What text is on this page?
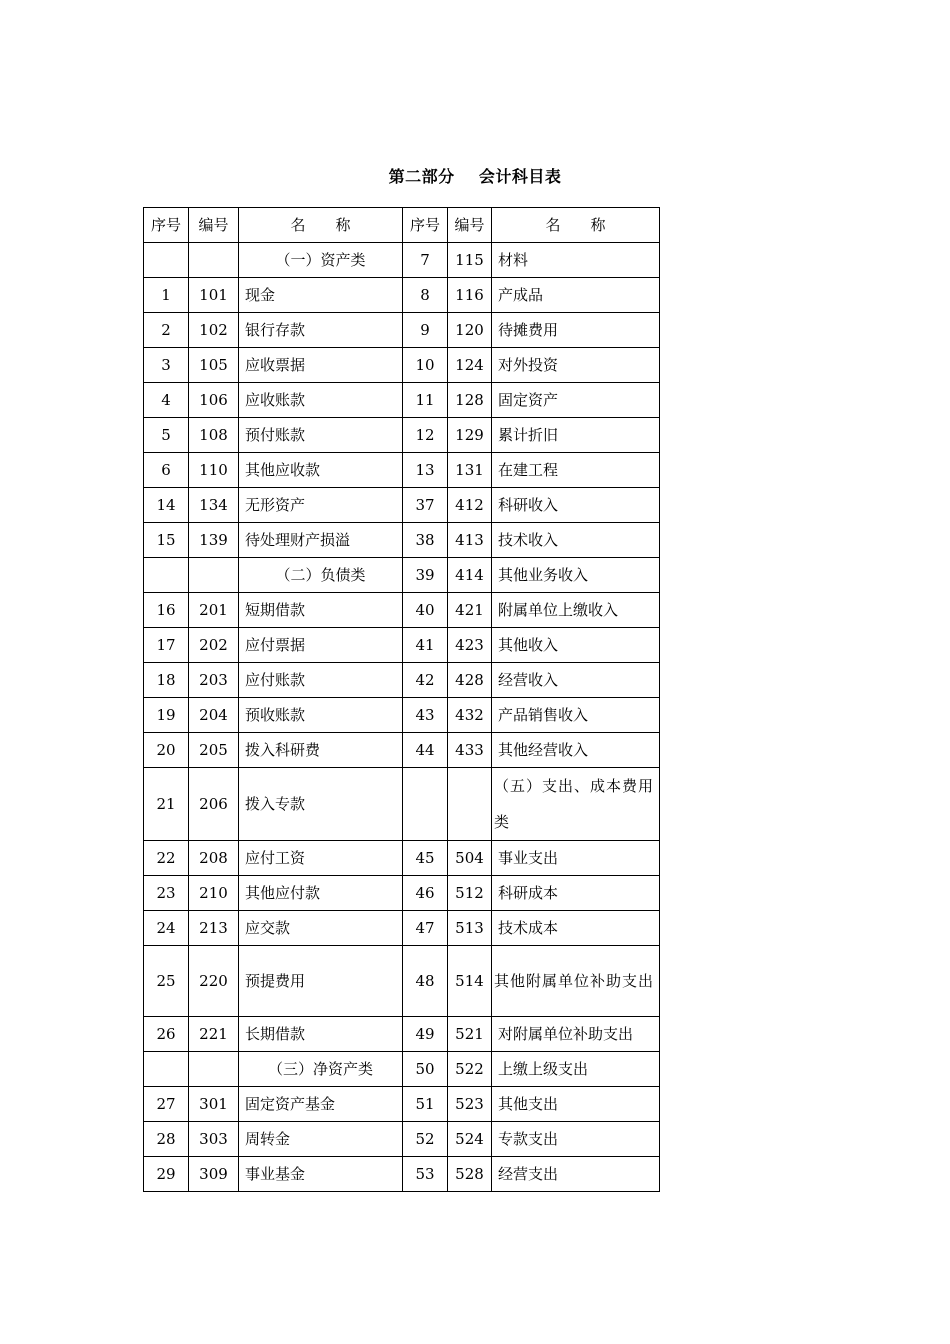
第二部分    会计科目表
序号	编号	名　　称	序号	编号	名　　称
		（一）资产类	7	115	材料
1	101	现金	8	116	产成品
2	102	银行存款	9	120	待摊费用
3	105	应收票据	10	124	对外投资
4	106	应收账款	11	128	固定资产
5	108	预付账款	12	129	累计折旧
6	110	其他应收款	13	131	在建工程
14	134	无形资产	37	412	科研收入
15	139	待处理财产损溢	38	413	技术收入
		（二）负债类	39	414	其他业务收入
16	201	短期借款	40	421	附属单位上缴收入
17	202	应付票据	41	423	其他收入
18	203	应付账款	42	428	经营收入
19	204	预收账款	43	432	产品销售收入
20	205	拨入科研费	44	433	其他经营收入
21	206	拨入专款			（五）支出、成本费用类
22	208	应付工资	45	504	事业支出
23	210	其他应付款	46	512	科研成本
24	213	应交款	47	513	技术成本
25	220	预提费用	48	514	其他附属单位补助支出
26	221	长期借款	49	521	对附属单位补助支出
		（三）净资产类	50	522	上缴上级支出
27	301	固定资产基金	51	523	其他支出
28	303	周转金	52	524	专款支出
29	309	事业基金	53	528	经营支出
